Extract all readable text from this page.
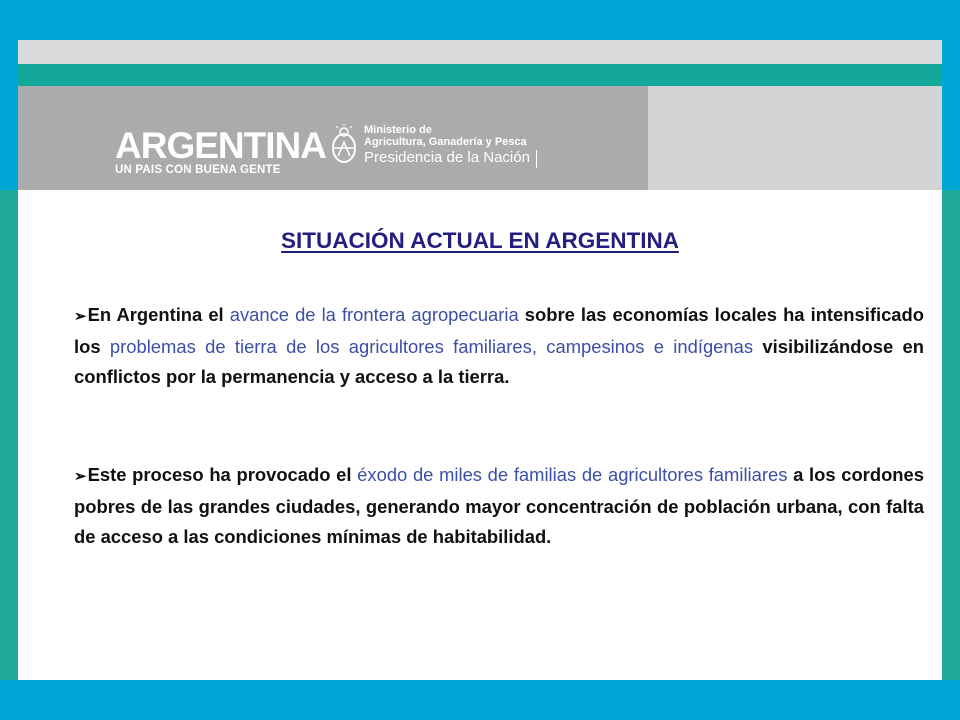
ARGENTINA
UN PAIS CON BUENA GENTE
Ministerio de
Agricultura, Ganadería y Pesca
Presidencia de la Nación
SITUACIÓN ACTUAL EN ARGENTINA
➢En Argentina el avance de la frontera agropecuaria sobre las economías locales ha intensificado los problemas de tierra de los agricultores familiares, campesinos e indígenas visibilizándose en conflictos por la permanencia y acceso a la tierra.
➢Este proceso ha provocado el éxodo de miles de familias de agricultores familiares a los cordones pobres de las grandes ciudades, generando mayor concentración de población urbana, con falta de acceso a las condiciones mínimas de habitabilidad.
